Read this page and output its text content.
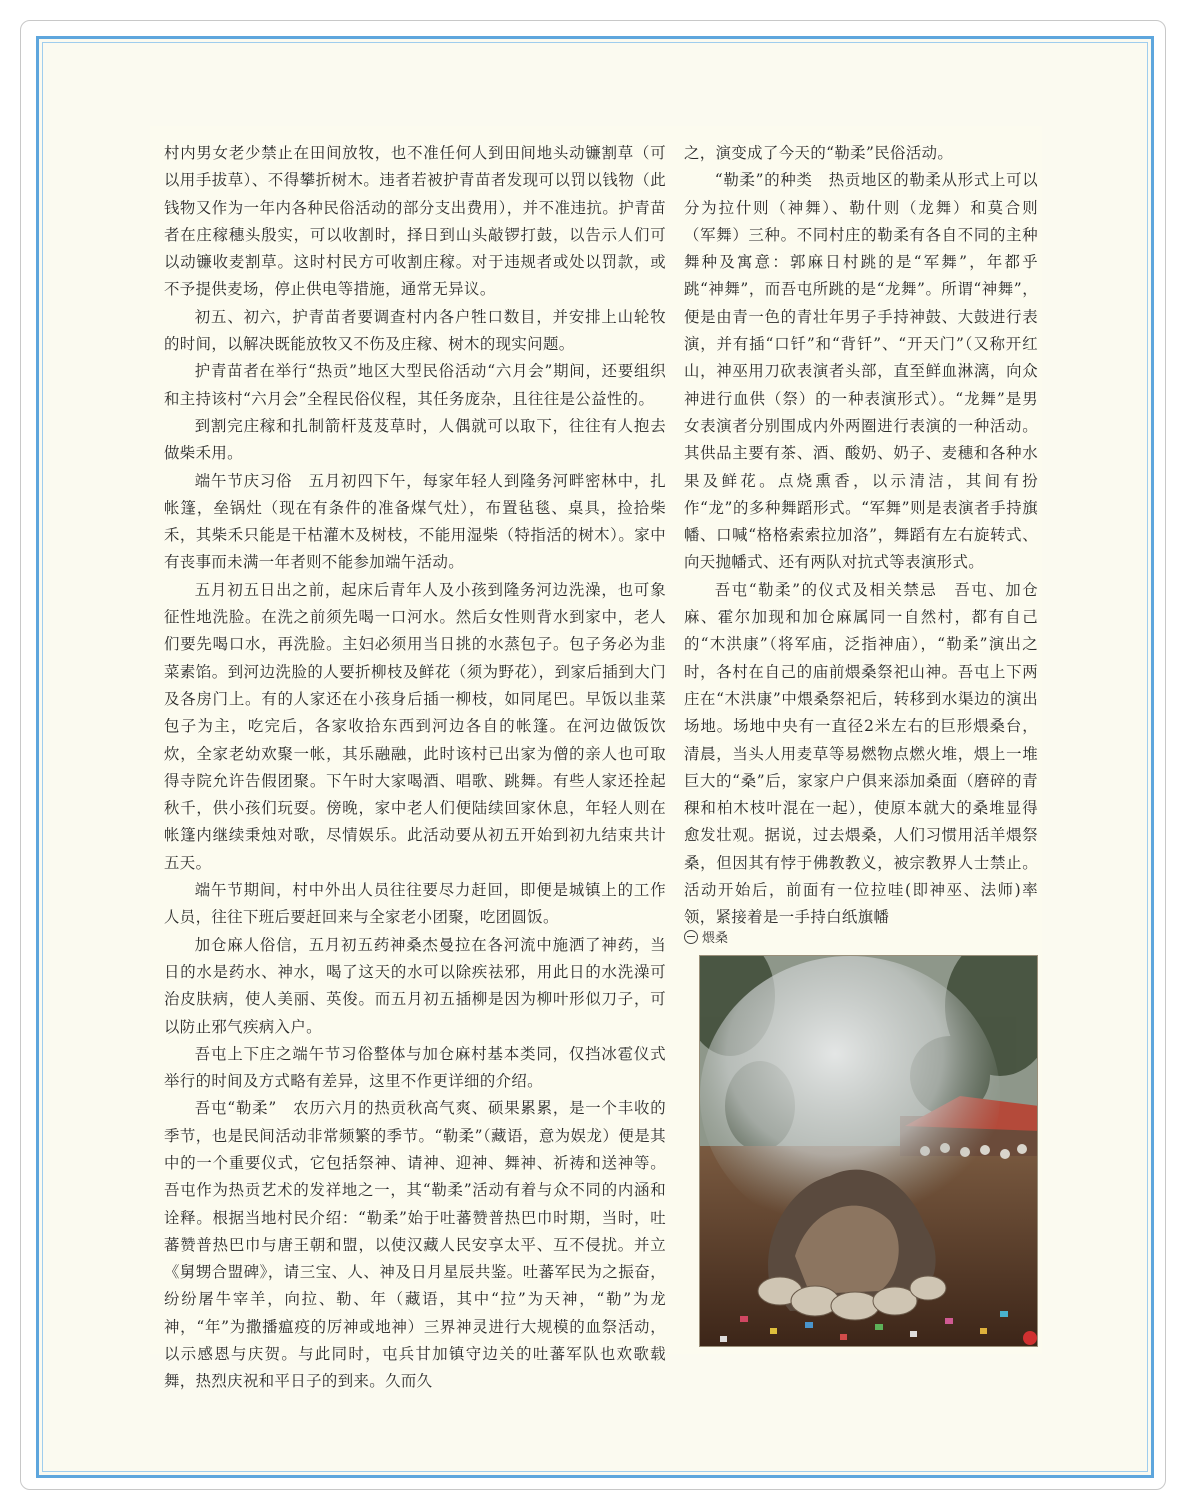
村内男女老少禁止在田间放牧，也不准任何人到田间地头动镰割草（可以用手拔草）、不得攀折树木。违者若被护青苗者发现可以罚以钱物（此钱物又作为一年内各种民俗活动的部分支出费用），并不准违抗。护青苗者在庄稼穗头殷实，可以收割时，择日到山头敲锣打鼓，以告示人们可以动镰收麦割草。这时村民方可收割庄稼。对于违规者或处以罚款，或不予提供麦场，停止供电等措施，通常无异议。

初五、初六，护青苗者要调查村内各户牲口数目，并安排上山轮牧的时间，以解决既能放牧又不伤及庄稼、树木的现实问题。

护青苗者在举行“热贡”地区大型民俗活动“六月会”期间，还要组织和主持该村“六月会”全程民俗仪程，其任务庞杂，且往往是公益性的。

到割完庄稼和扎制箭杆芨芨草时，人偶就可以取下，往往有人抱去做柴禾用。

端午节庆习俗　五月初四下午，每家年轻人到隆务河畔密林中，扎帐篷，垒锅灶（现在有条件的准备煤气灶），布置毡毯、桌具，捡拾柴禾，其柴禾只能是干枯灌木及树枝，不能用湿柴（特指活的树木）。家中有丧事而未满一年者则不能参加端午活动。

五月初五日出之前，起床后青年人及小孩到隆务河边洗澡，也可象征性地洗脸。在洗之前须先喝一口河水。然后女性则背水到家中，老人们要先喝口水，再洗脸。主妇必须用当日挑的水蒸包子。包子务必为韭菜素馅。到河边洗脸的人要折柳枝及鲜花（须为野花），到家后插到大门及各房门上。有的人家还在小孩身后插一柳枝，如同尾巴。早饭以韭菜包子为主，吃完后，各家收拾东西到河边各自的帐篷。在河边做饭饮炊，全家老幼欢聚一帐，其乐融融，此时该村已出家为僧的亲人也可取得寺院允许告假团聚。下午时大家喝酒、唱歌、跳舞。有些人家还拴起秋千，供小孩们玩耍。傍晚，家中老人们便陆续回家休息，年轻人则在帐篷内继续秉烛对歌，尽情娱乐。此活动要从初五开始到初九结束共计五天。

端午节期间，村中外出人员往往要尽力赶回，即便是城镇上的工作人员，往往下班后要赶回来与全家老小团聚，吃团圆饭。

加仓麻人俗信，五月初五药神桑杰曼拉在各河流中施洒了神药，当日的水是药水、神水，喝了这天的水可以除疾祛邪，用此日的水洗澡可治皮肤病，使人美丽、英俊。而五月初五插柳是因为柳叶形似刀子，可以防止邪气疾病入户。

吾屯上下庄之端午节习俗整体与加仓麻村基本类同，仅挡冰雹仪式举行的时间及方式略有差异，这里不作更详细的介绍。

吾屯“勒柔”　农历六月的热贡秋高气爽、硕果累累，是一个丰收的季节，也是民间活动非常频繁的季节。“勒柔”（藏语，意为娱龙）便是其中的一个重要仪式，它包括祭神、请神、迎神、舞神、祈祷和送神等。吾屯作为热贡艺术的发祥地之一，其“勒柔”活动有着与众不同的内涵和诠释。根据当地村民介绍：“勒柔”始于吐蕃赞普热巴巾时期，当时，吐蕃赞普热巴巾与唐王朝和盟，以使汉藏人民安享太平、互不侵扰。并立《舅甥合盟碑》，请三宝、人、神及日月星辰共鉴。吐蕃军民为之振奋，纷纷屠牛宰羊，向拉、勒、年（藏语，其中“拉”为天神，“勒”为龙神，“年”为撒播瘟疫的厉神或地神）三界神灵进行大规模的血祭活动，以示感恩与庆贺。与此同时，屯兵甘加镇守边关的吐蕃军队也欢歌载舞，热烈庆祝和平日子的到来。久而久

之，演变成了今天的“勒柔”民俗活动。

“勒柔”的种类　热贡地区的勒柔从形式上可以分为拉什则（神舞）、勒什则（龙舞）和莫合则（军舞）三种。不同村庄的勒柔有各自不同的主种舞种及寓意：郭麻日村跳的是“军舞”，年都乎跳“神舞”，而吾屯所跳的是“龙舞”。所谓“神舞”，便是由青一色的青壮年男子手持神鼓、大鼓进行表演，并有插“口钎”和“背钎”、“开天门”（又称开红山，神巫用刀砍表演者头部，直至鲜血淋漓，向众神进行血供（祭）的一种表演形式）。“龙舞”是男女表演者分别围成内外两圈进行表演的一种活动。其供品主要有茶、酒、酸奶、奶子、麦穗和各种水果及鲜花。点烧熏香，以示清洁，其间有扮作“龙”的多种舞蹈形式。“军舞”则是表演者手持旗幡、口喊“格格索索拉加洛”，舞蹈有左右旋转式、向天抛幡式、还有两队对抗式等表演形式。

吾屯“勒柔”的仪式及相关禁忌　吾屯、加仓麻、霍尔加现和加仓麻属同一自然村，都有自己的“木洪康”（将军庙，泛指神庙），“勒柔”演出之时，各村在自己的庙前煨桑祭祀山神。吾屯上下两庄在“木洪康”中煨桑祭祀后，转移到水渠边的演出场地。场地中央有一直径2米左右的巨形煨桑台，清晨，当头人用麦草等易燃物点燃火堆，煨上一堆巨大的“桑”后，家家户户俱来添加桑面（磨碎的青稞和柏木枝叶混在一起），使原本就大的桑堆显得愈发壮观。据说，过去煨桑，人们习惯用活羊煨祭桑，但因其有悖于佛教教义，被宗教界人士禁止。活动开始后，前面有一位拉哇(即神巫、法师)率领，紧接着是一手持白纸旗幡

煨桑
